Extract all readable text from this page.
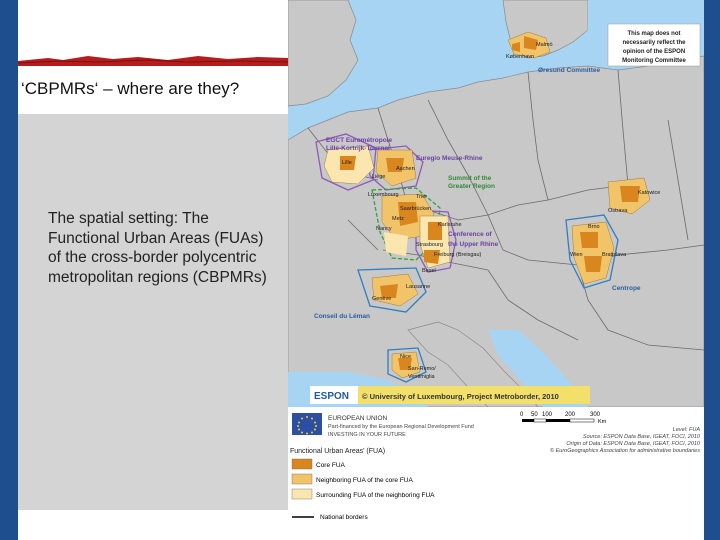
‘CBPMRs‘ – where are they?
The spatial setting: The Functional Urban Areas (FUAs) of the cross-border polycentric metropolitan regions (CBPMRs)
This map does not
necessarily reflect the
opinion of the ESPON
Monitoring Committee
Malmö
København
Øresund Committee
EGCT Eurométropole
Lille-Kortrijk-Tournai
Euregio Meuse-Rhine
Aachen
Lille
Liège	Summit of the
Greater Region
Luxembourg	Trier
Saarbrücken
Metz
Karlsruhe
Nancy
Conference of
the Upper Rhine
Strasbourg
Freiburg (Breisgau)
Basel
Lausanne
Genève
Conseil du Léman
Nice
San-Remo/
Ventimiglia
Katowice
Ostrava
Brno
Wien	Bratislava
Centrope
ESPON © University of Luxembourg, Project Metroborder, 2010
EUROPEAN UNION
Part-financed by the European Regional Development Fund
INVESTING IN YOUR FUTURE
0 50 100 200 300
Km
Level: FUA
Source: ESPON Data Base, IGEAT, FOCI, 2010
Origin of Data: ESPON Data Base, IGEAT, FOCI, 2010
© EuroGeographics Association for administrative boundaries
Functional Urban Areas' (FUA)
Core FUA
Neighboring FUA of the core FUA
Surrounding FUA of the neighboring FUA
National borders
